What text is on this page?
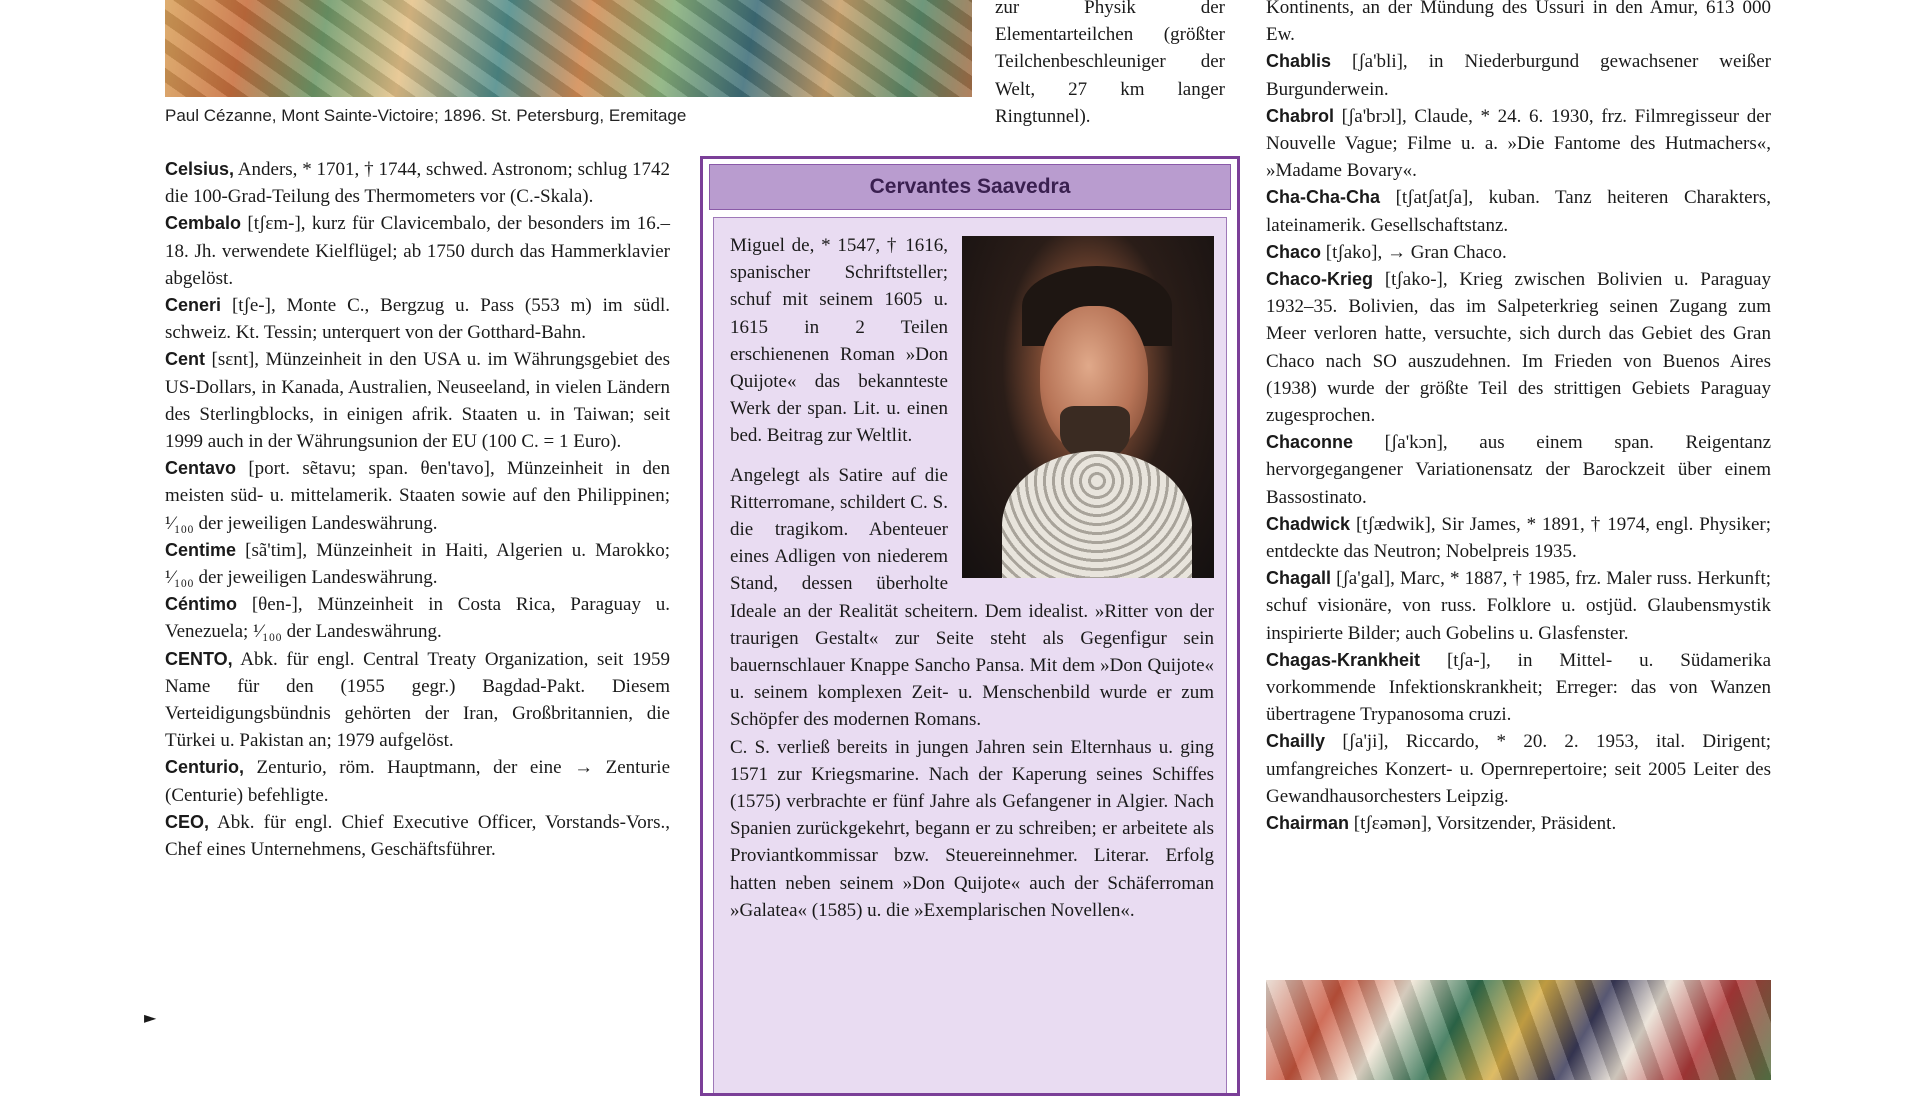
Paul Cézanne, Mont Sainte-Victoire; 1896. St. Petersburg, Eremitage
zur Physik der Elementarteilchen (größter Teilchenbeschleuniger der Welt, 27 km langer Ringtunnel).
Celsius, Anders, * 1701, † 1744, schwed. Astronom; schlug 1742 die 100-Grad-Teilung des Thermometers vor (C.-Skala).
Cembalo [tʃɛm-], kurz für Clavicembalo, der besonders im 16.–18. Jh. verwendete Kielflügel; ab 1750 durch das Hammerklavier abgelöst.
Ceneri [tʃe-], Monte C., Bergzug u. Pass (553 m) im südl. schweiz. Kt. Tessin; unterquert von der Gotthard-Bahn.
Cent [sɛnt], Münzeinheit in den USA u. im Währungsgebiet des US-Dollars, in Kanada, Australien, Neuseeland, in vielen Ländern des Sterlingblocks, in einigen afrik. Staaten u. in Taiwan; seit 1999 auch in der Währungsunion der EU (100 C. = 1 Euro).
Centavo [port. sẽtavu; span. θen'tavo], Münzeinheit in den meisten süd- u. mittelamerik. Staaten sowie auf den Philippinen; ¹⁄₁₀₀ der jeweiligen Landeswährung.
Centime [sã'tim], Münzeinheit in Haiti, Algerien u. Marokko; ¹⁄₁₀₀ der jeweiligen Landeswährung.
Céntimo [θen-], Münzeinheit in Costa Rica, Paraguay u. Venezuela; ¹⁄₁₀₀ der Landeswährung.
CENTO, Abk. für engl. Central Treaty Organization, seit 1959 Name für den (1955 gegr.) Bagdad-Pakt. Diesem Verteidigungsbündnis gehörten der Iran, Großbritannien, die Türkei u. Pakistan an; 1979 aufgelöst.
Centurio, Zenturio, röm. Hauptmann, der eine → Zenturie (Centurie) befehligte.
CEO, Abk. für engl. Chief Executive Officer, Vorstands-Vors., Chef eines Unternehmens, Geschäftsführer.
►
Cervantes Saavedra

Miguel de, * 1547, † 1616, spanischer Schriftsteller; schuf mit seinem 1605 u. 1615 in 2 Teilen erschienenen Roman »Don Quijote« das bekannteste Werk der span. Lit. u. einen bed. Beitrag zur Weltlit.

Angelegt als Satire auf die Ritterromane, schildert C. S. die tragikom. Abenteuer eines Adligen von niederem Stand, dessen überholte Ideale an der Realität scheitern. Dem idealist. »Ritter von der traurigen Gestalt« zur Seite steht als Gegenfigur sein bauernschlauer Knappe Sancho Pansa. Mit dem »Don Quijote« u. seinem komplexen Zeit- u. Menschenbild wurde er zum Schöpfer des modernen Romans.

C. S. verließ bereits in jungen Jahren sein Elternhaus u. ging 1571 zur Kriegsmarine. Nach der Kaperung seines Schiffes (1575) verbrachte er fünf Jahre als Gefangener in Algier. Nach Spanien zurückgekehrt, begann er zu schreiben; er arbeitete als Proviantkommissar bzw. Steuereinnehmer. Literar. Erfolg hatten neben seinem »Don Quijote« auch der Schäferroman »Galatea« (1585) u. die »Exemplarischen Novellen«.

Kontinents, an der Mündung des Ussuri in den Amur, 613 000 Ew.
Chablis [ʃa'bli], in Niederburgund gewachsener weißer Burgunderwein.
Chabrol [ʃa'brɔl], Claude, * 24. 6. 1930, frz. Filmregisseur der Nouvelle Vague; Filme u. a. »Die Fantome des Hutmachers«, »Madame Bovary«.
Cha-Cha-Cha [tʃatʃatʃa], kuban. Tanz heiteren Charakters, lateinamerik. Gesellschaftstanz.
Chaco [tʃako], → Gran Chaco.
Chaco-Krieg [tʃako-], Krieg zwischen Bolivien u. Paraguay 1932–35. Bolivien, das im Salpeterkrieg seinen Zugang zum Meer verloren hatte, versuchte, sich durch das Gebiet des Gran Chaco nach SO auszudehnen. Im Frieden von Buenos Aires (1938) wurde der größte Teil des strittigen Gebiets Paraguay zugesprochen.
Chaconne [ʃa'kɔn], aus einem span. Reigentanz hervorgegangener Variationensatz der Barockzeit über einem Bassostinato.
Chadwick [tʃædwik], Sir James, * 1891, † 1974, engl. Physiker; entdeckte das Neutron; Nobelpreis 1935.
Chagall [ʃa'gal], Marc, * 1887, † 1985, frz. Maler russ. Herkunft; schuf visionäre, von russ. Folklore u. ostjüd. Glaubensmystik inspirierte Bilder; auch Gobelins u. Glasfenster.
Chagas-Krankheit [tʃa-], in Mittel- u. Südamerika vorkommende Infektionskrankheit; Erreger: das von Wanzen übertragene Trypanosoma cruzi.
Chailly [ʃa'ji], Riccardo, * 20. 2. 1953, ital. Dirigent; umfangreiches Konzert- u. Opernrepertoire; seit 2005 Leiter des Gewandhausorchesters Leipzig.
Chairman [tʃɛəmən], Vorsitzender, Präsident.
